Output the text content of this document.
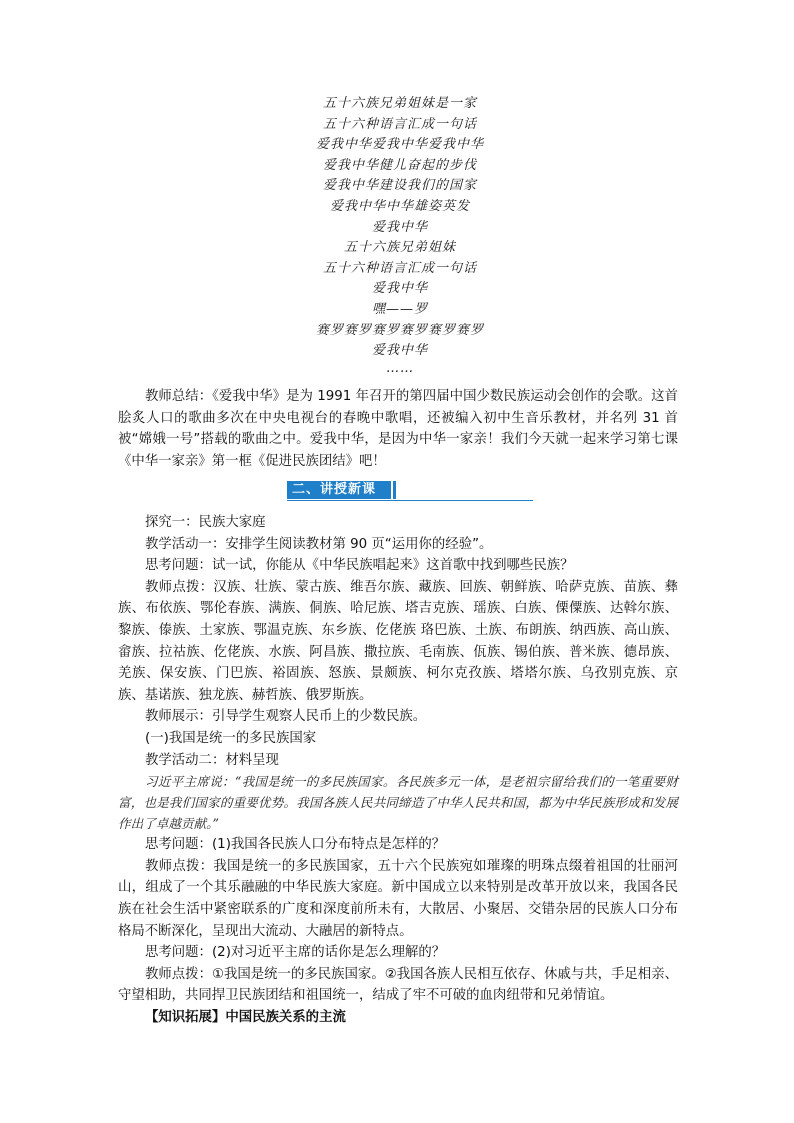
五十六族兄弟姐妹是一家
五十六种语言汇成一句话
爱我中华爱我中华爱我中华
爱我中华健儿奋起的步伐
爱我中华建设我们的国家
爱我中华中华雄姿英发
爱我中华
五十六族兄弟姐妹
五十六种语言汇成一句话
爱我中华
嘿——罗
赛罗赛罗赛罗赛罗赛罗赛罗
爱我中华
……

教师总结：《爱我中华》是为 1991 年召开的第四届中国少数民族运动会创作的会歌。这首脍炙人口的歌曲多次在中央电视台的春晚中歌唱，还被编入初中生音乐教材，并名列 31 首被“嫦娥一号”搭载的歌曲之中。爱我中华，是因为中华一家亲！我们今天就一起来学习第七课《中华一家亲》第一框《促进民族团结》吧！

二、讲授新课

探究一：民族大家庭

教学活动一：安排学生阅读教材第 90 页“运用你的经验”。

思考问题：试一试，你能从《中华民族唱起来》这首歌中找到哪些民族？

教师点拨：汉族、壮族、蒙古族、维吾尔族、藏族、回族、朝鲜族、哈萨克族、苗族、彝族、布依族、鄂伦春族、满族、侗族、哈尼族、塔吉克族、瑶族、白族、傈僳族、达斡尔族、黎族、傣族、土家族、鄂温克族、东乡族、仡佬族 珞巴族、土族、布朗族、纳西族、高山族、畲族、拉祜族、仡佬族、水族、阿昌族、撒拉族、毛南族、佤族、锡伯族、普米族、德昂族、羌族、保安族、门巴族、裕固族、怒族、景颇族、柯尔克孜族、塔塔尔族、乌孜别克族、京族、基诺族、独龙族、赫哲族、俄罗斯族。

教师展示：引导学生观察人民币上的少数民族。

(一)我国是统一的多民族国家

教学活动二：材料呈现

习近平主席说：“我国是统一的多民族国家。各民族多元一体，是老祖宗留给我们的一笔重要财富，也是我们国家的重要优势。我国各族人民共同缔造了中华人民共和国，都为中华民族形成和发展作出了卓越贡献。”

思考问题：(1)我国各民族人口分布特点是怎样的？

教师点拨：我国是统一的多民族国家，五十六个民族宛如璀璨的明珠点缀着祖国的壮丽河山，组成了一个其乐融融的中华民族大家庭。新中国成立以来特别是改革开放以来，我国各民族在社会生活中紧密联系的广度和深度前所未有，大散居、小聚居、交错杂居的民族人口分布格局不断深化，呈现出大流动、大融居的新特点。

思考问题：(2)对习近平主席的话你是怎么理解的？

教师点拨：①我国是统一的多民族国家。②我国各族人民相互依存、休戚与共，手足相亲、守望相助，共同捍卫民族团结和祖国统一，结成了牢不可破的血肉纽带和兄弟情谊。

【知识拓展】中国民族关系的主流
